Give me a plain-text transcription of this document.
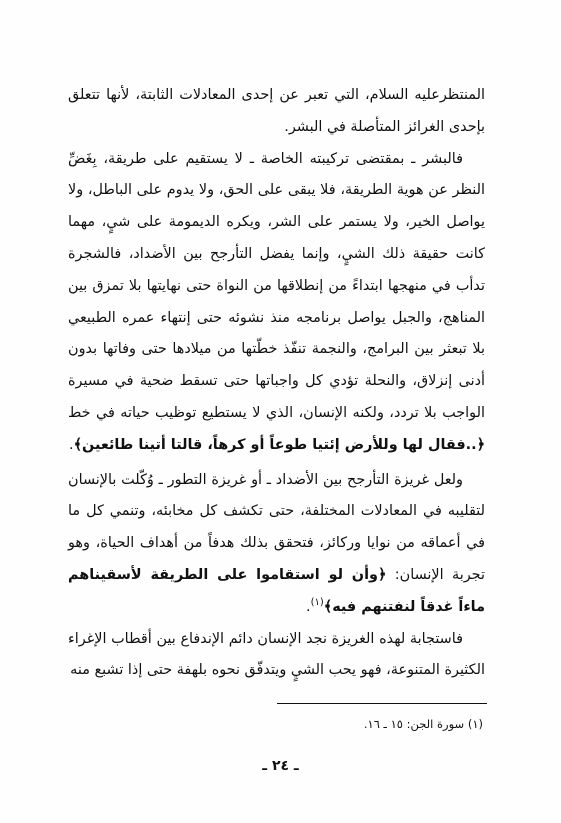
المنتظرعليه السلام، التي تعبر عن إحدى المعادلات الثابتة، لأنها تتعلق بإحدى الغرائز المتأصلة في البشر.

فالبشر ـ بمقتضى تركيبته الخاصة ـ لا يستقيم على طريقة، بِغَضِّ النظر عن هوية الطريقة، فلا يبقى على الحق، ولا يدوم على الباطل، ولا يواصل الخير، ولا يستمر على الشر، ويكره الديمومة على شيٍ، مهما كانت حقيقة ذلك الشيٍ، وإنما يفضل التأرجح بين الأضداد، فالشجرة تدأب في منهجها ابتداءً من إنطلاقها من النواة حتى نهايتها بلا تمزق بين المناهج، والجبل يواصل برنامجه منذ نشوئه حتى إنتهاء عمره الطبيعي بلا تبعثر بين البرامج، والنجمة تنفّذ خطّتها من ميلادها حتى وفاتها بدون أدنى إنزلاق، والنحلة تؤدي كل واجباتها حتى تسقط ضحية في مسيرة الواجب بلا تردد، ولكنه الإنسان، الذي لا يستطيع توظيب حياته في خط ﴿..فقال لها وللأرض إئتيا طوعاً أو كرهاً، قالتا أتينا طائعين﴾.

ولعل غريزة التأرجح بين الأضداد ـ أو غريزة التطور ـ وُكّلت بالإنسان لتقليبه في المعادلات المختلفة، حتى تكشف كل مخابئه، وتنمي كل ما في أعماقه من نوايا وركائز، فتحقق بذلك هدفاً من أهداف الحياة، وهو تجربة الإنسان: ﴿وأن لو استقاموا على الطريقة لأسقيناهم ماءاً غدقاً لنفتنهم فيه﴾$^{(١)}$.

فاستجابة لهذه الغريزة نجد الإنسان دائم الإندفاع بين أقطاب الإغراء الكثيرة المتنوعة، فهو يحب الشيٍ ويتدفّق نحوه بلهفة حتى إذا تشبع منه

(١) سورة الجن: ١٥ ـ ١٦.
ـ ٢٤ ـ
